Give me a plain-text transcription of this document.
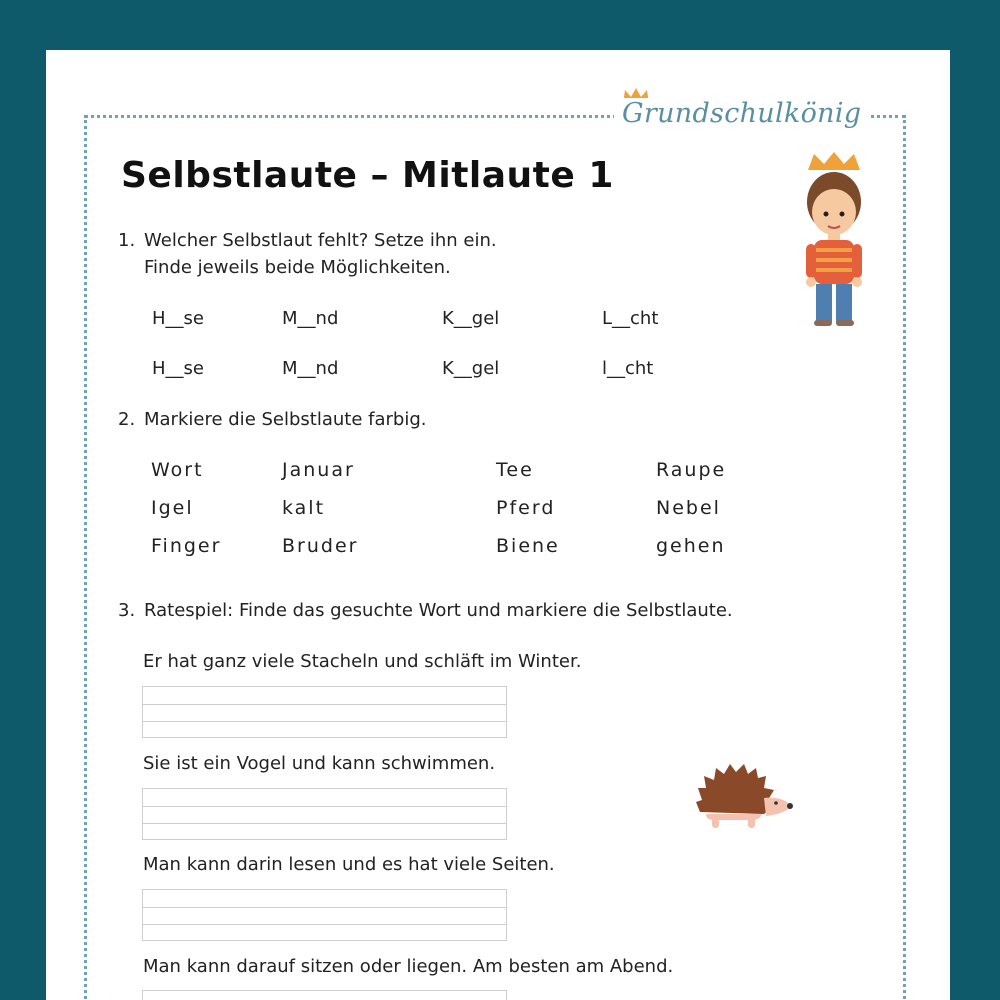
Grundschulkönig
Selbstlaute – Mitlaute 1
1. Welcher Selbstlaut fehlt? Setze ihn ein.
Finde jeweils beide Möglichkeiten.
H__se	M__nd	K__gel	L__cht
H__se	M__nd	K__gel	l__cht
2. Markiere die Selbstlaute farbig.
Wort	Januar	Tee	Raupe
Igel	kalt	Pferd	Nebel
Finger	Bruder	Biene	gehen
3. Ratespiel: Finde das gesuchte Wort und markiere die Selbstlaute.
Er hat ganz viele Stacheln und schläft im Winter.
Sie ist ein Vogel und kann schwimmen.
Man kann darin lesen und es hat viele Seiten.
Man kann darauf sitzen oder liegen. Am besten am Abend.
